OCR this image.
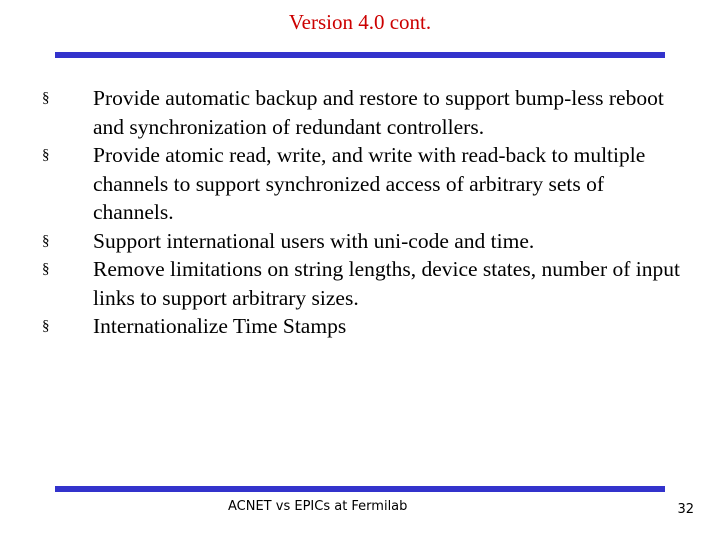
Version 4.0 cont.
§ Provide automatic backup and restore to support bump-less reboot and synchronization of redundant controllers.
§ Provide atomic read, write, and write with read-back to multiple channels to support synchronized access of arbitrary sets of channels.
§ Support international users with uni-code and time.
§ Remove limitations on string lengths, device states, number of input links to support arbitrary sizes.
§ Internationalize Time Stamps
ACNET vs EPICs at Fermilab	32
